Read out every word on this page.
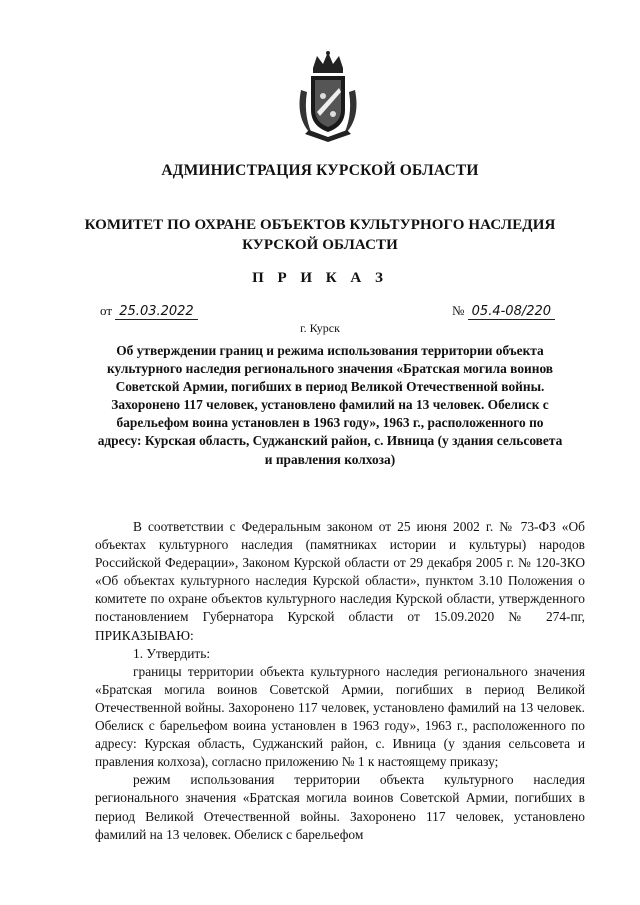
АДМИНИСТРАЦИЯ КУРСКОЙ ОБЛАСТИ
КОМИТЕТ ПО ОХРАНЕ ОБЪЕКТОВ КУЛЬТУРНОГО НАСЛЕДИЯ
КУРСКОЙ ОБЛАСТИ
П Р И К А З
от 25.03.2022	№ 05.4-08/220
г. Курск
Об утверждении границ и режима использования территории объекта культурного наследия регионального значения «Братская могила воинов Советской Армии, погибших в период Великой Отечественной войны. Захоронено 117 человек, установлено фамилий на 13 человек. Обелиск с барельефом воина установлен в 1963 году», 1963 г., расположенного по адресу: Курская область, Суджанский район, с. Ивница (у здания сельсовета и правления колхоза)

В соответствии с Федеральным законом от 25 июня 2002 г. № 73-ФЗ «Об объектах культурного наследия (памятниках истории и культуры) народов Российской Федерации», Законом Курской области от 29 декабря 2005 г. № 120-ЗКО «Об объектах культурного наследия Курской области», пунктом 3.10 Положения о комитете по охране объектов культурного наследия Курской области, утвержденного постановлением Губернатора Курской области от 15.09.2020 № 274-пг, ПРИКАЗЫВАЮ:

1. Утвердить:

границы территории объекта культурного наследия регионального значения «Братская могила воинов Советской Армии, погибших в период Великой Отечественной войны. Захоронено 117 человек, установлено фамилий на 13 человек. Обелиск с барельефом воина установлен в 1963 году», 1963 г., расположенного по адресу: Курская область, Суджанский район, с. Ивница (у здания сельсовета и правления колхоза), согласно приложению № 1 к настоящему приказу;

режим использования территории объекта культурного наследия регионального значения «Братская могила воинов Советской Армии, погибших в период Великой Отечественной войны. Захоронено 117 человек, установлено фамилий на 13 человек. Обелиск с барельефом
